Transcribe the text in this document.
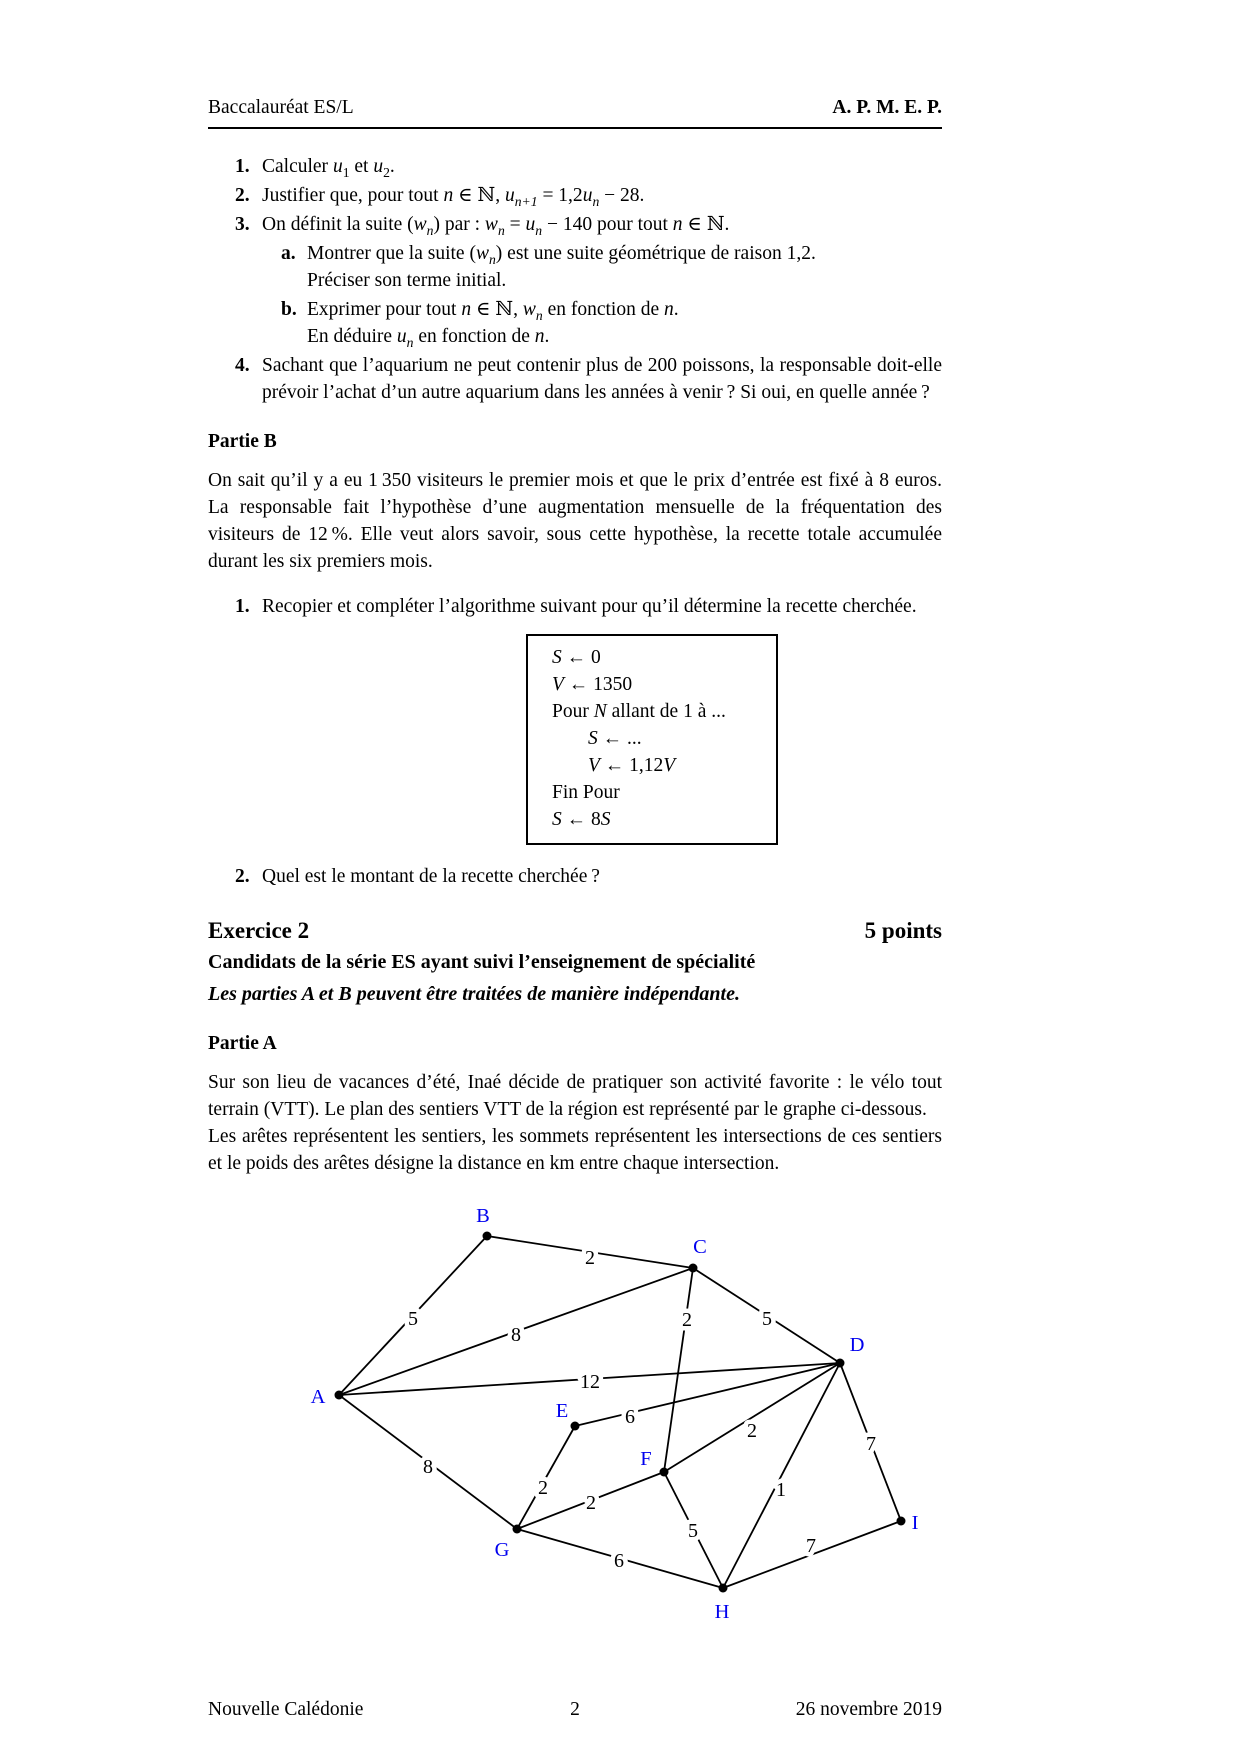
Baccalauréat ES/L	A. P. M. E. P.
1. Calculer $u_1$ et $u_2$.
2. Justifier que, pour tout n ∈ ℕ, $u_{n+1} = 1,2u_n - 28$.
3. On définit la suite $(w_n)$ par : $w_n = u_n - 140$ pour tout n ∈ ℕ.
a. Montrer que la suite $(w_n)$ est une suite géométrique de raison 1,2.
Préciser son terme initial.
b. Exprimer pour tout n ∈ ℕ, $w_n$ en fonction de n.
En déduire $u_n$ en fonction de n.
4. Sachant que l’aquarium ne peut contenir plus de 200 poissons, la responsable doit-elle prévoir l’achat d’un autre aquarium dans les années à venir ? Si oui, en quelle année ?
Partie B
On sait qu’il y a eu 1 350 visiteurs le premier mois et que le prix d’entrée est fixé à 8 euros. La responsable fait l’hypothèse d’une augmentation mensuelle de la fréquentation des visiteurs de 12 %. Elle veut alors savoir, sous cette hypothèse, la recette totale accumulée durant les six premiers mois.
1. Recopier et compléter l’algorithme suivant pour qu’il détermine la recette cherchée.
S ← 0
V ← 1350
Pour N allant de 1 à ...
S ← ...
V ← 1,12V
Fin Pour
S ← 8S
2. Quel est le montant de la recette cherchée ?
Exercice 2	5 points
Candidats de la série ES ayant suivi l’enseignement de spécialité
Les parties A et B peuvent être traitées de manière indépendante.
Partie A
Sur son lieu de vacances d’été, Inaé décide de pratiquer son activité favorite : le vélo tout terrain (VTT). Le plan des sentiers VTT de la région est représenté par le graphe ci-dessous.
Les arêtes représentent les sentiers, les sommets représentent les intersections de ces sentiers et le poids des arêtes désigne la distance en km entre chaque intersection.
5
2
8
12
2	5
6
2
7
8
2	1
2
5
7
6
A
B
C
D
E
F
G
H
I
Nouvelle Calédonie	2	26 novembre 2019
